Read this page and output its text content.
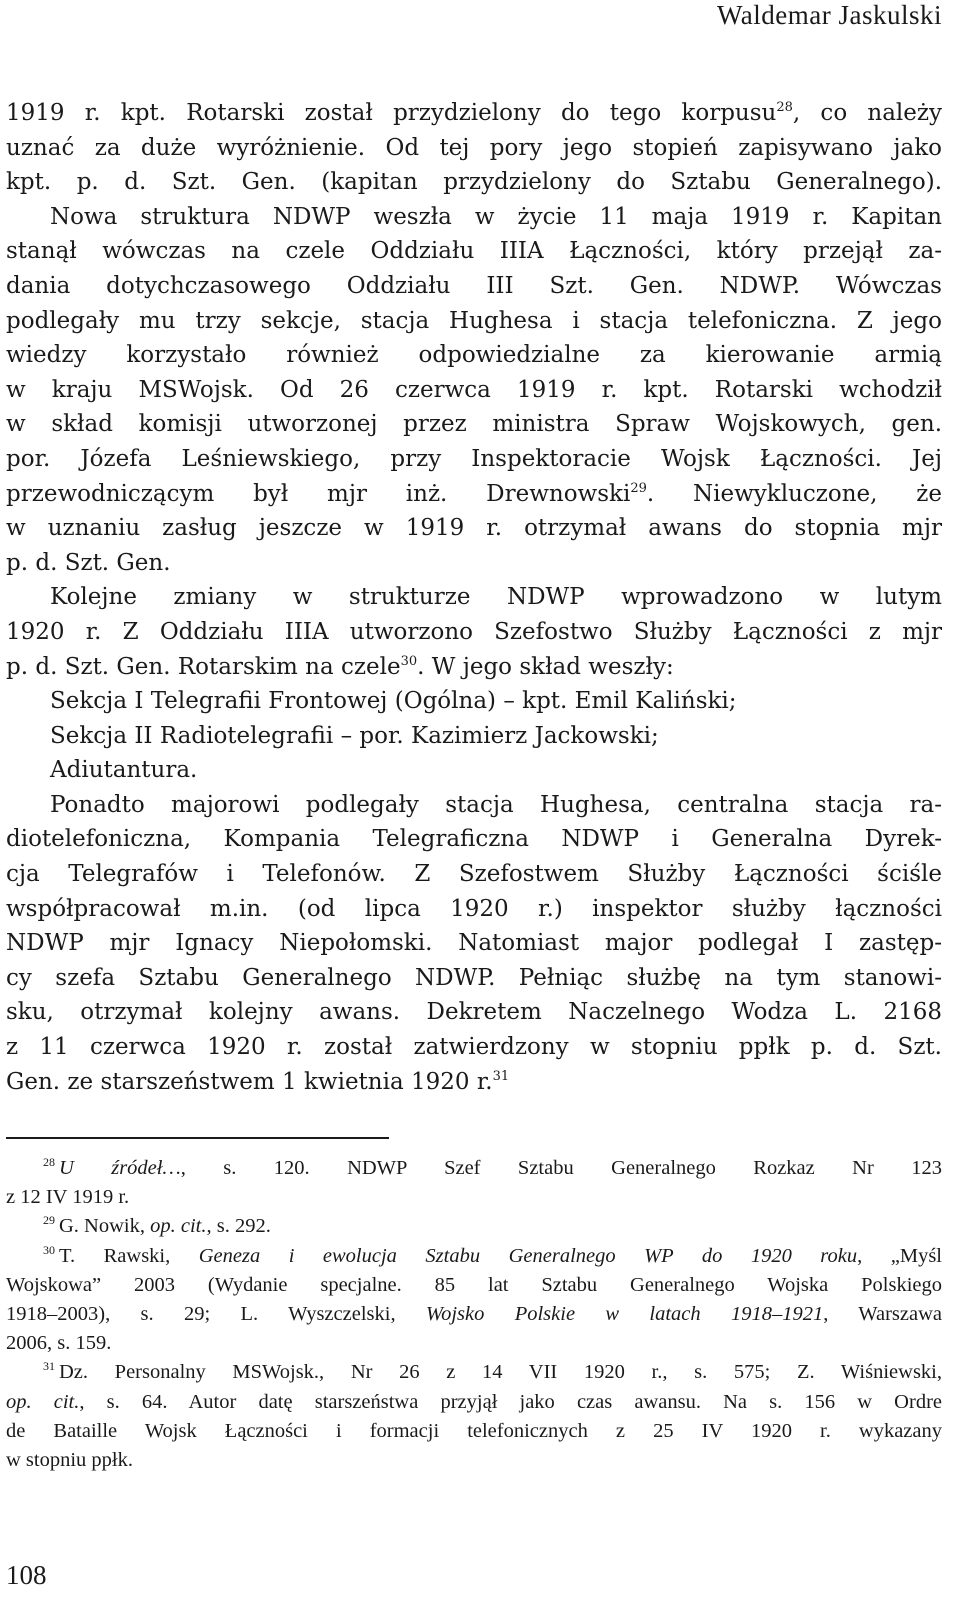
Waldemar Jaskulski
1919 r. kpt. Rotarski został przydzielony do tego korpusu$^{28}$, co należy
uznać za duże wyróżnienie. Od tej pory jego stopień zapisywano jako
kpt. p. d. Szt. Gen. (kapitan przydzielony do Sztabu Generalnego).
Nowa struktura NDWP weszła w życie 11 maja 1919 r. Kapitan
stanął wówczas na czele Oddziału IIIA Łączności, który przejął za-
dania dotychczasowego Oddziału III Szt. Gen. NDWP. Wówczas
podlegały mu trzy sekcje, stacja Hughesa i stacja telefoniczna. Z jego
wiedzy korzystało również odpowiedzialne za kierowanie armią
w kraju MSWojsk. Od 26 czerwca 1919 r. kpt. Rotarski wchodził
w skład komisji utworzonej przez ministra Spraw Wojskowych, gen.
por. Józefa Leśniewskiego, przy Inspektoracie Wojsk Łączności. Jej
przewodniczącym był mjr inż. Drewnowski$^{29}$. Niewykluczone, że
w uznaniu zasług jeszcze w 1919 r. otrzymał awans do stopnia mjr
p. d. Szt. Gen.
Kolejne zmiany w strukturze NDWP wprowadzono w lutym
1920 r. Z Oddziału IIIA utworzono Szefostwo Służby Łączności z mjr
p. d. Szt. Gen. Rotarskim na czele$^{30}$. W jego skład weszły:
Sekcja I Telegrafii Frontowej (Ogólna) – kpt. Emil Kaliński;
Sekcja II Radiotelegrafii – por. Kazimierz Jackowski;
Adiutantura.
Ponadto majorowi podlegały stacja Hughesa, centralna stacja ra-
diotelefoniczna, Kompania Telegraficzna NDWP i Generalna Dyrek-
cja Telegrafów i Telefonów. Z Szefostwem Służby Łączności ściśle
współpracował m.in. (od lipca 1920 r.) inspektor służby łączności
NDWP mjr Ignacy Niepołomski. Natomiast major podlegał I zastęp-
cy szefa Sztabu Generalnego NDWP. Pełniąc służbę na tym stanowi-
sku, otrzymał kolejny awans. Dekretem Naczelnego Wodza L. 2168
z 11 czerwca 1920 r. został zatwierdzony w stopniu ppłk p. d. Szt.
Gen. ze starszeństwem 1 kwietnia 1920 r.$^{31}$
$^{28}$ U źródeł…, s. 120. NDWP Szef Sztabu Generalnego Rozkaz Nr 123
z 12 IV 1919 r.
$^{29}$ G. Nowik, op. cit., s. 292.
$^{30}$ T. Rawski, Geneza i ewolucja Sztabu Generalnego WP do 1920 roku, „Myśl
Wojskowa” 2003 (Wydanie specjalne. 85 lat Sztabu Generalnego Wojska Polskiego
1918–2003), s. 29; L. Wyszczelski, Wojsko Polskie w latach 1918–1921, Warszawa
2006, s. 159.
$^{31}$ Dz. Personalny MSWojsk., Nr 26 z 14 VII 1920 r., s. 575; Z. Wiśniewski,
op. cit., s. 64. Autor datę starszeństwa przyjął jako czas awansu. Na s. 156 w Ordre
de Bataille Wojsk Łączności i formacji telefonicznych z 25 IV 1920 r. wykazany
w stopniu ppłk.
108
